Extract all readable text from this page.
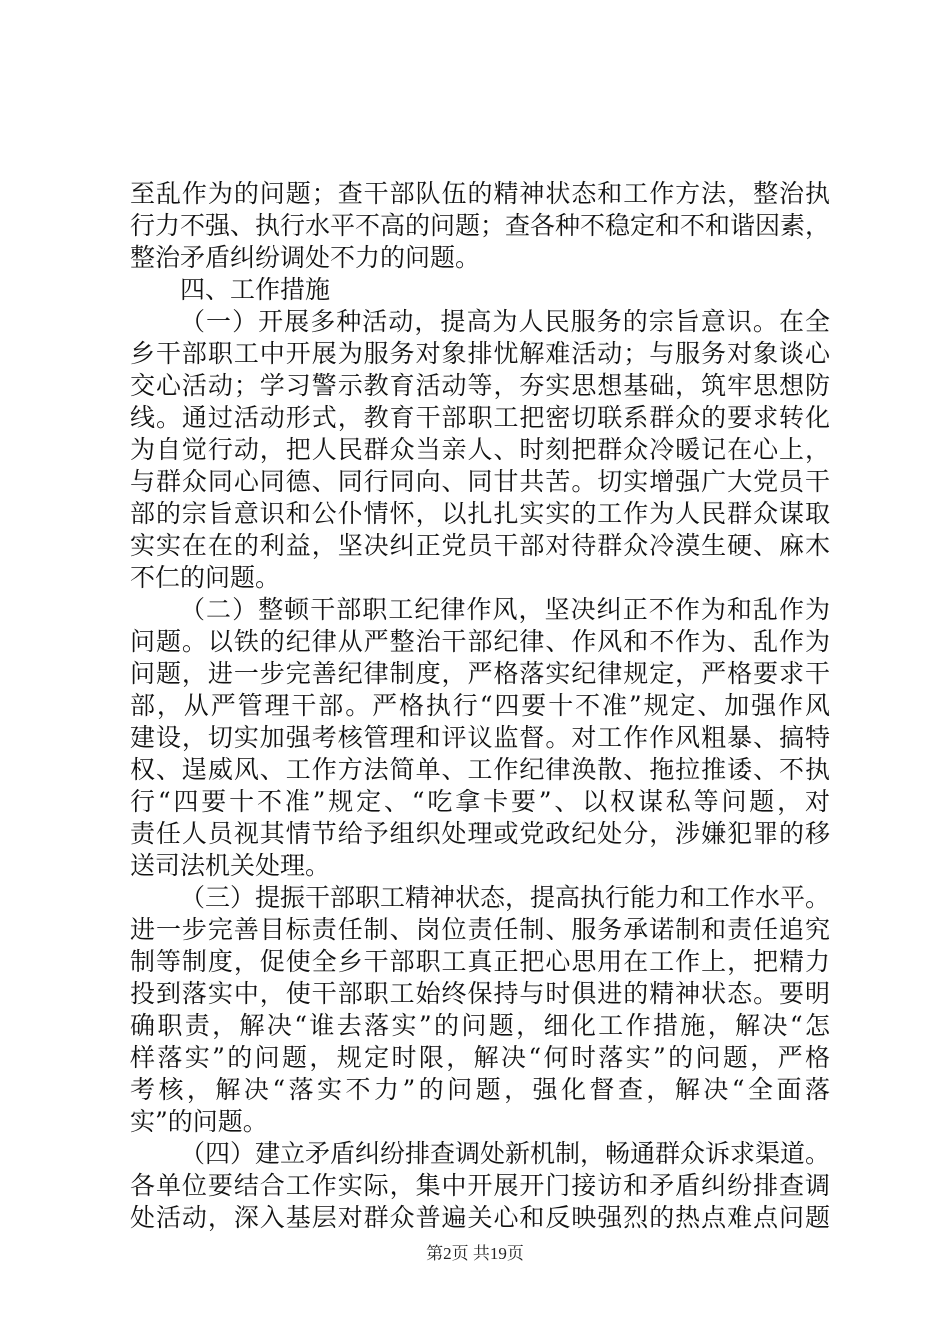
至乱作为的问题；查干部队伍的精神状态和工作方法，整治执
行力不强、执行水平不高的问题；查各种不稳定和不和谐因素，
整治矛盾纠纷调处不力的问题。
四、工作措施
（一）开展多种活动，提高为人民服务的宗旨意识。在全
乡干部职工中开展为服务对象排忧解难活动；与服务对象谈心
交心活动；学习警示教育活动等，夯实思想基础，筑牢思想防
线。通过活动形式，教育干部职工把密切联系群众的要求转化
为自觉行动，把人民群众当亲人、时刻把群众冷暖记在心上，
与群众同心同德、同行同向、同甘共苦。切实增强广大党员干
部的宗旨意识和公仆情怀，以扎扎实实的工作为人民群众谋取
实实在在的利益，坚决纠正党员干部对待群众冷漠生硬、麻木
不仁的问题。
（二）整顿干部职工纪律作风，坚决纠正不作为和乱作为
问题。以铁的纪律从严整治干部纪律、作风和不作为、乱作为
问题，进一步完善纪律制度，严格落实纪律规定，严格要求干
部，从严管理干部。严格执行“四要十不准”规定、加强作风
建设，切实加强考核管理和评议监督。对工作作风粗暴、搞特
权、逞威风、工作方法简单、工作纪律涣散、拖拉推诿、不执
行“四要十不准”规定、“吃拿卡要”、以权谋私等问题，对
责任人员视其情节给予组织处理或党政纪处分，涉嫌犯罪的移
送司法机关处理。
（三）提振干部职工精神状态，提高执行能力和工作水平。
进一步完善目标责任制、岗位责任制、服务承诺制和责任追究
制等制度，促使全乡干部职工真正把心思用在工作上，把精力
投到落实中，使干部职工始终保持与时俱进的精神状态。要明
确职责，解决“谁去落实”的问题，细化工作措施，解决“怎
样落实”的问题，规定时限，解决“何时落实”的问题，严格
考核，解决“落实不力”的问题，强化督查，解决“全面落
实”的问题。
（四）建立矛盾纠纷排查调处新机制，畅通群众诉求渠道。
各单位要结合工作实际，集中开展开门接访和矛盾纠纷排查调
处活动，深入基层对群众普遍关心和反映强烈的热点难点问题
第2页 共19页
